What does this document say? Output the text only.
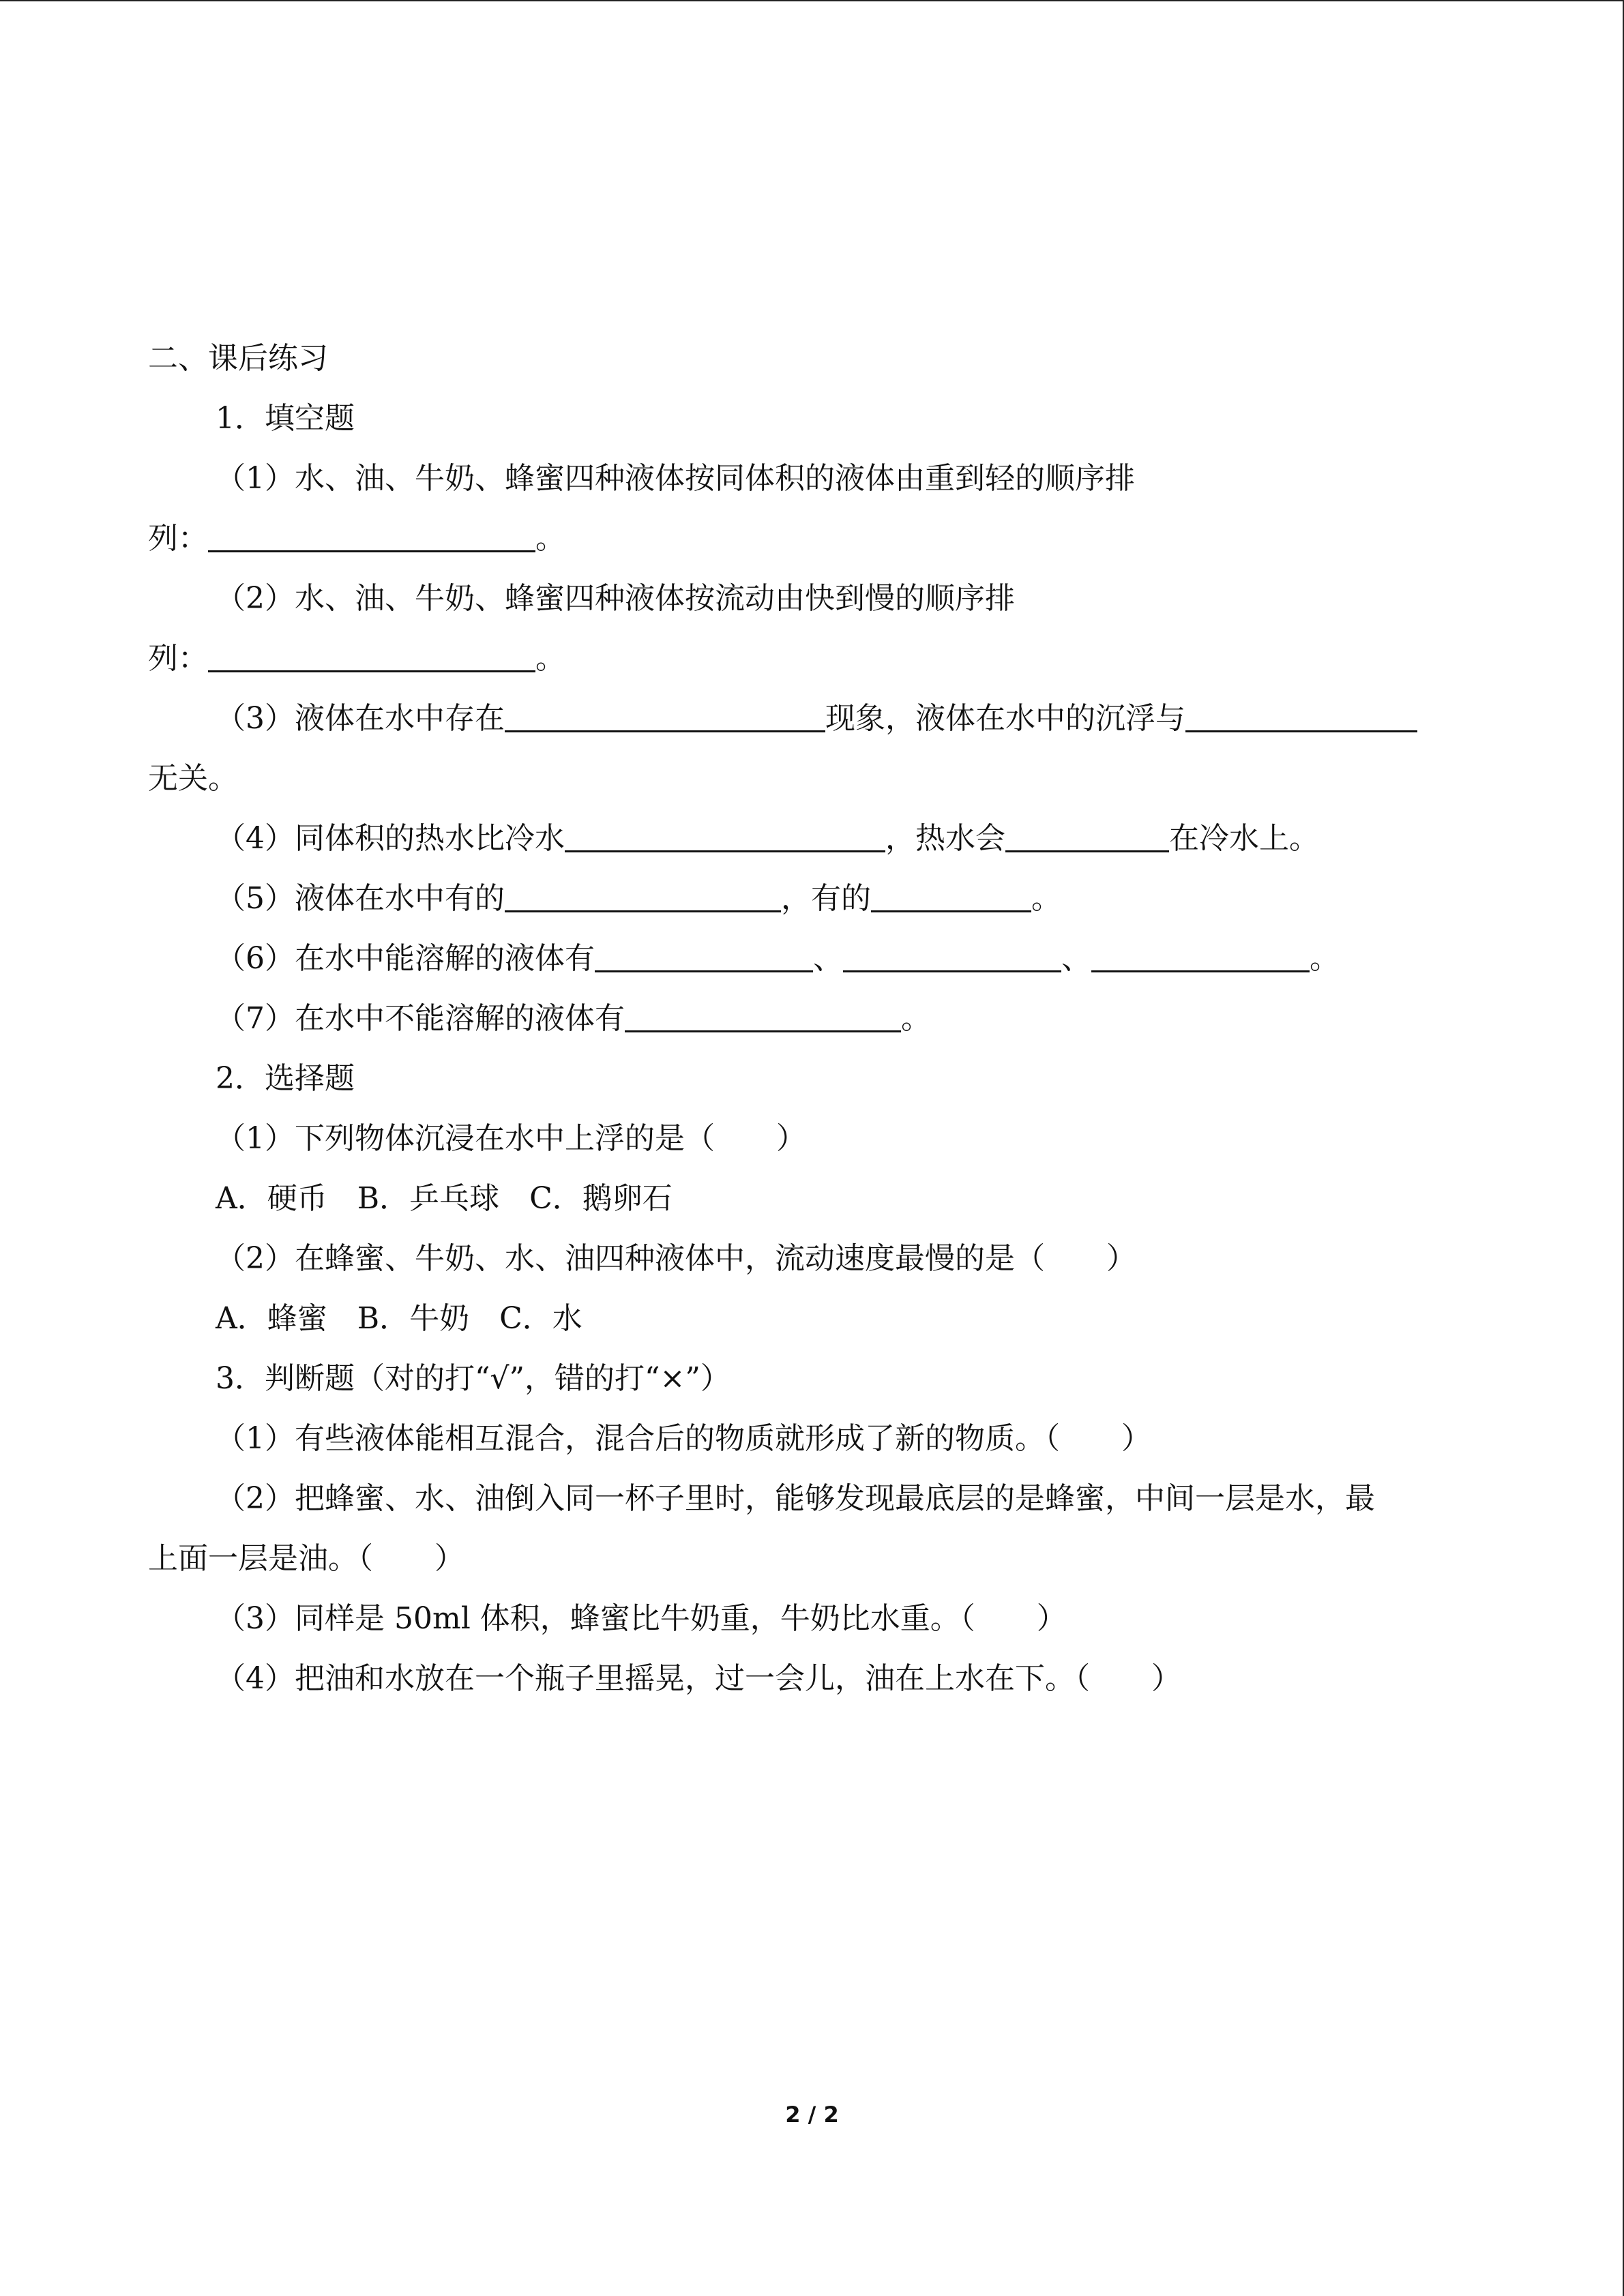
二、课后练习
1．填空题
（1）水、油、牛奶、蜂蜜四种液体按同体积的液体由重到轻的顺序排
列：	。
（2）水、油、牛奶、蜂蜜四种液体按流动由快到慢的顺序排
列：	。
（3）液体在水中存在	现象，液体在水中的沉浮与
无关。
（4）同体积的热水比冷水	，热水会	在冷水上。
（5）液体在水中有的	，有的	。
（6）在水中能溶解的液体有	、	、	。
（7）在水中不能溶解的液体有	。
2．选择题
（1）下列物体沉浸在水中上浮的是（ ）
A．硬币　B．乒乓球　C．鹅卵石
（2）在蜂蜜、牛奶、水、油四种液体中，流动速度最慢的是（ ）
A．蜂蜜　B．牛奶　C．水
3．判断题（对的打“√”，错的打“×”）
（1）有些液体能相互混合，混合后的物质就形成了新的物质。（ ）
（2）把蜂蜜、水、油倒入同一杯子里时，能够发现最底层的是蜂蜜，中间一层是水，最
上面一层是油。（ ）
（3）同样是 50ml 体积，蜂蜜比牛奶重，牛奶比水重。（ ）
（4）把油和水放在一个瓶子里摇晃，过一会儿，油在上水在下。（ ）
2 / 2
